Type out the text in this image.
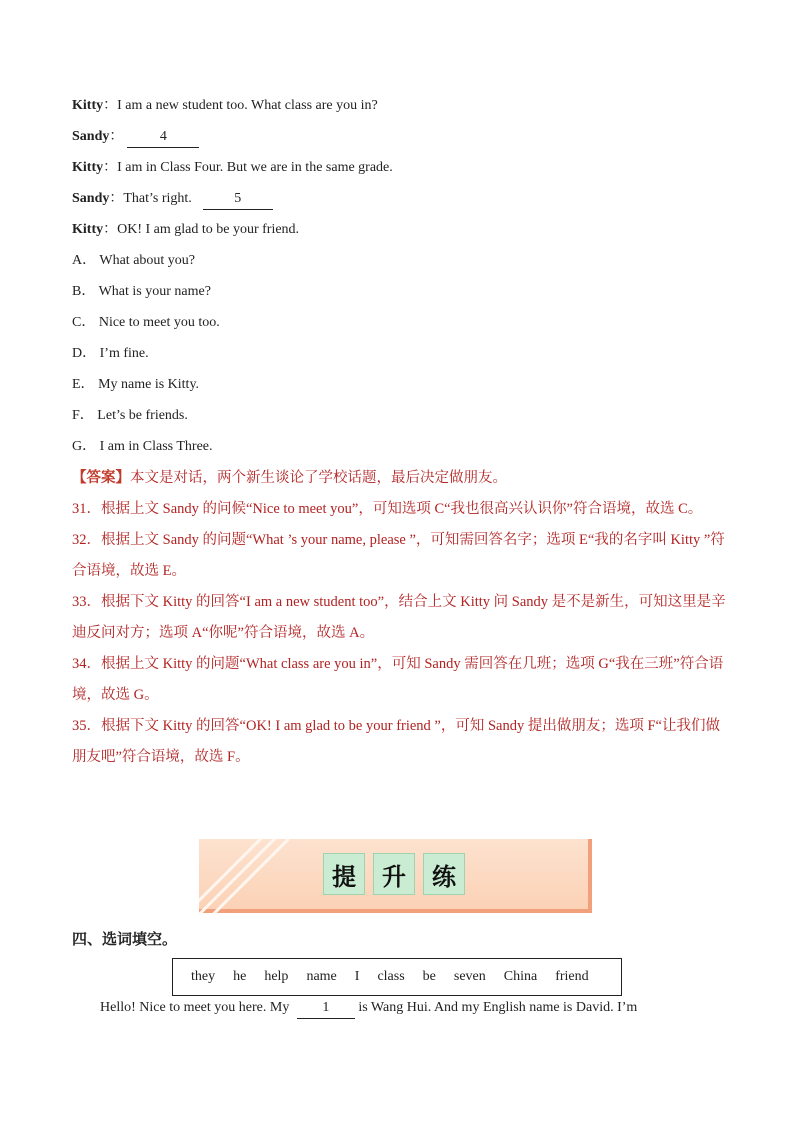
Kitty：I am a new student too. What class are you in?
Sandy：	4
Kitty：I am in Class Four. But we are in the same grade.
Sandy：That’s right.	5
Kitty：OK! I am glad to be your friend.
A． What about you?
B． What is your name?
C． Nice to meet you too.
D． I’m fine.
E． My name is Kitty.
F． Let’s be friends.
G． I am in Class Three.

【答案】本文是对话，两个新生谈论了学校话题，最后决定做朋友。

31．根据上文 Sandy 的问候“Nice to meet you”，可知选项 C“我也很高兴认识你”符合语境，故选 C。

32．根据上文 Sandy 的问题“What ’s your name, please ”，可知需回答名字；选项 E“我的名字叫 Kitty ”符合语境，故选 E。

33．根据下文 Kitty 的回答“I am a new student too”，结合上文 Kitty 问 Sandy 是不是新生，可知这里是辛迪反问对方；选项 A“你呢”符合语境，故选 A。

34．根据上文 Kitty 的问题“What class are you in”，可知 Sandy 需回答在几班；选项 G“我在三班”符合语境，故选 G。

35．根据下文 Kitty 的回答“OK! I am glad to be your friend ”，可知 Sandy 提出做朋友；选项 F“让我们做朋友吧”符合语境，故选 F。

提	升	练
四、选词填空。
they he help name I class be seven China friend
Hello! Nice to meet you here. My 1 is Wang Hui. And my English name is David. I’m
